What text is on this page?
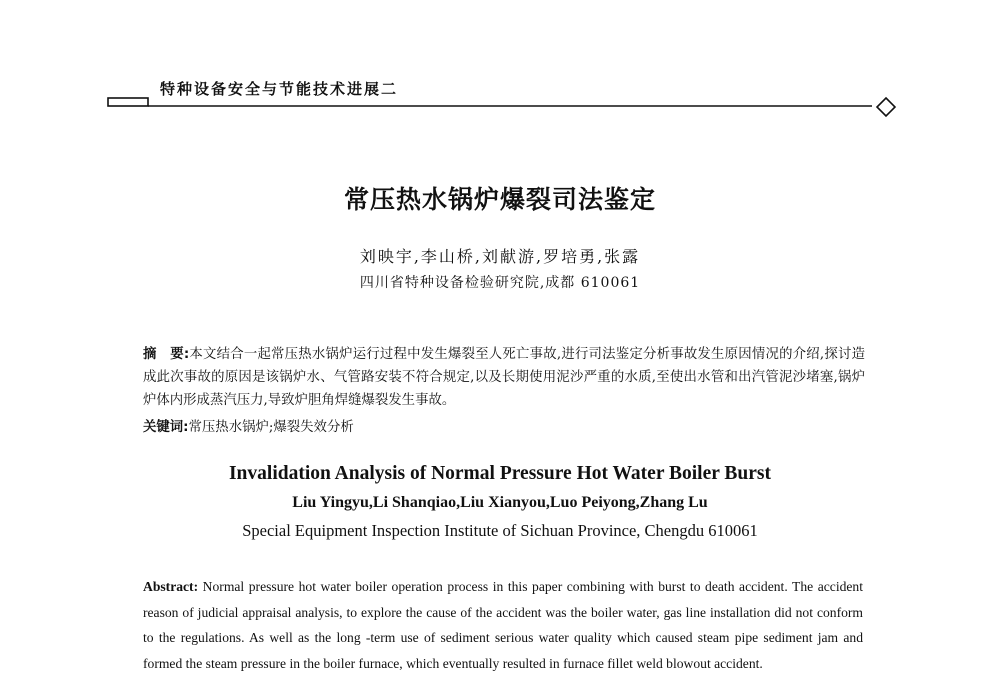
特种设备安全与节能技术进展二
常压热水锅炉爆裂司法鉴定
刘映宇,李山桥,刘献游,罗培勇,张露
四川省特种设备检验研究院,成都 610061
摘　要:本文结合一起常压热水锅炉运行过程中发生爆裂至人死亡事故,进行司法鉴定分析事故发生原因情况的介绍,探讨造成此次事故的原因是该锅炉水、气管路安装不符合规定,以及长期使用泥沙严重的水质,至使出水管和出汽管泥沙堵塞,锅炉炉体内形成蒸汽压力,导致炉胆角焊缝爆裂发生事故。
关键词:常压热水锅炉;爆裂失效分析
Invalidation Analysis of Normal Pressure Hot Water Boiler Burst
Liu Yingyu,Li Shanqiao,Liu Xianyou,Luo Peiyong,Zhang Lu
Special Equipment Inspection Institute of Sichuan Province, Chengdu 610061
Abstract: Normal pressure hot water boiler operation process in this paper combining with burst to death accident. The accident reason of judicial appraisal analysis, to explore the cause of the accident was the boiler water, gas line installation did not conform to the regulations. As well as the long -term use of sediment serious water quality which caused steam pipe sediment jam and formed the steam pressure in the boiler furnace, which eventually resulted in furnace fillet weld blowout accident.
